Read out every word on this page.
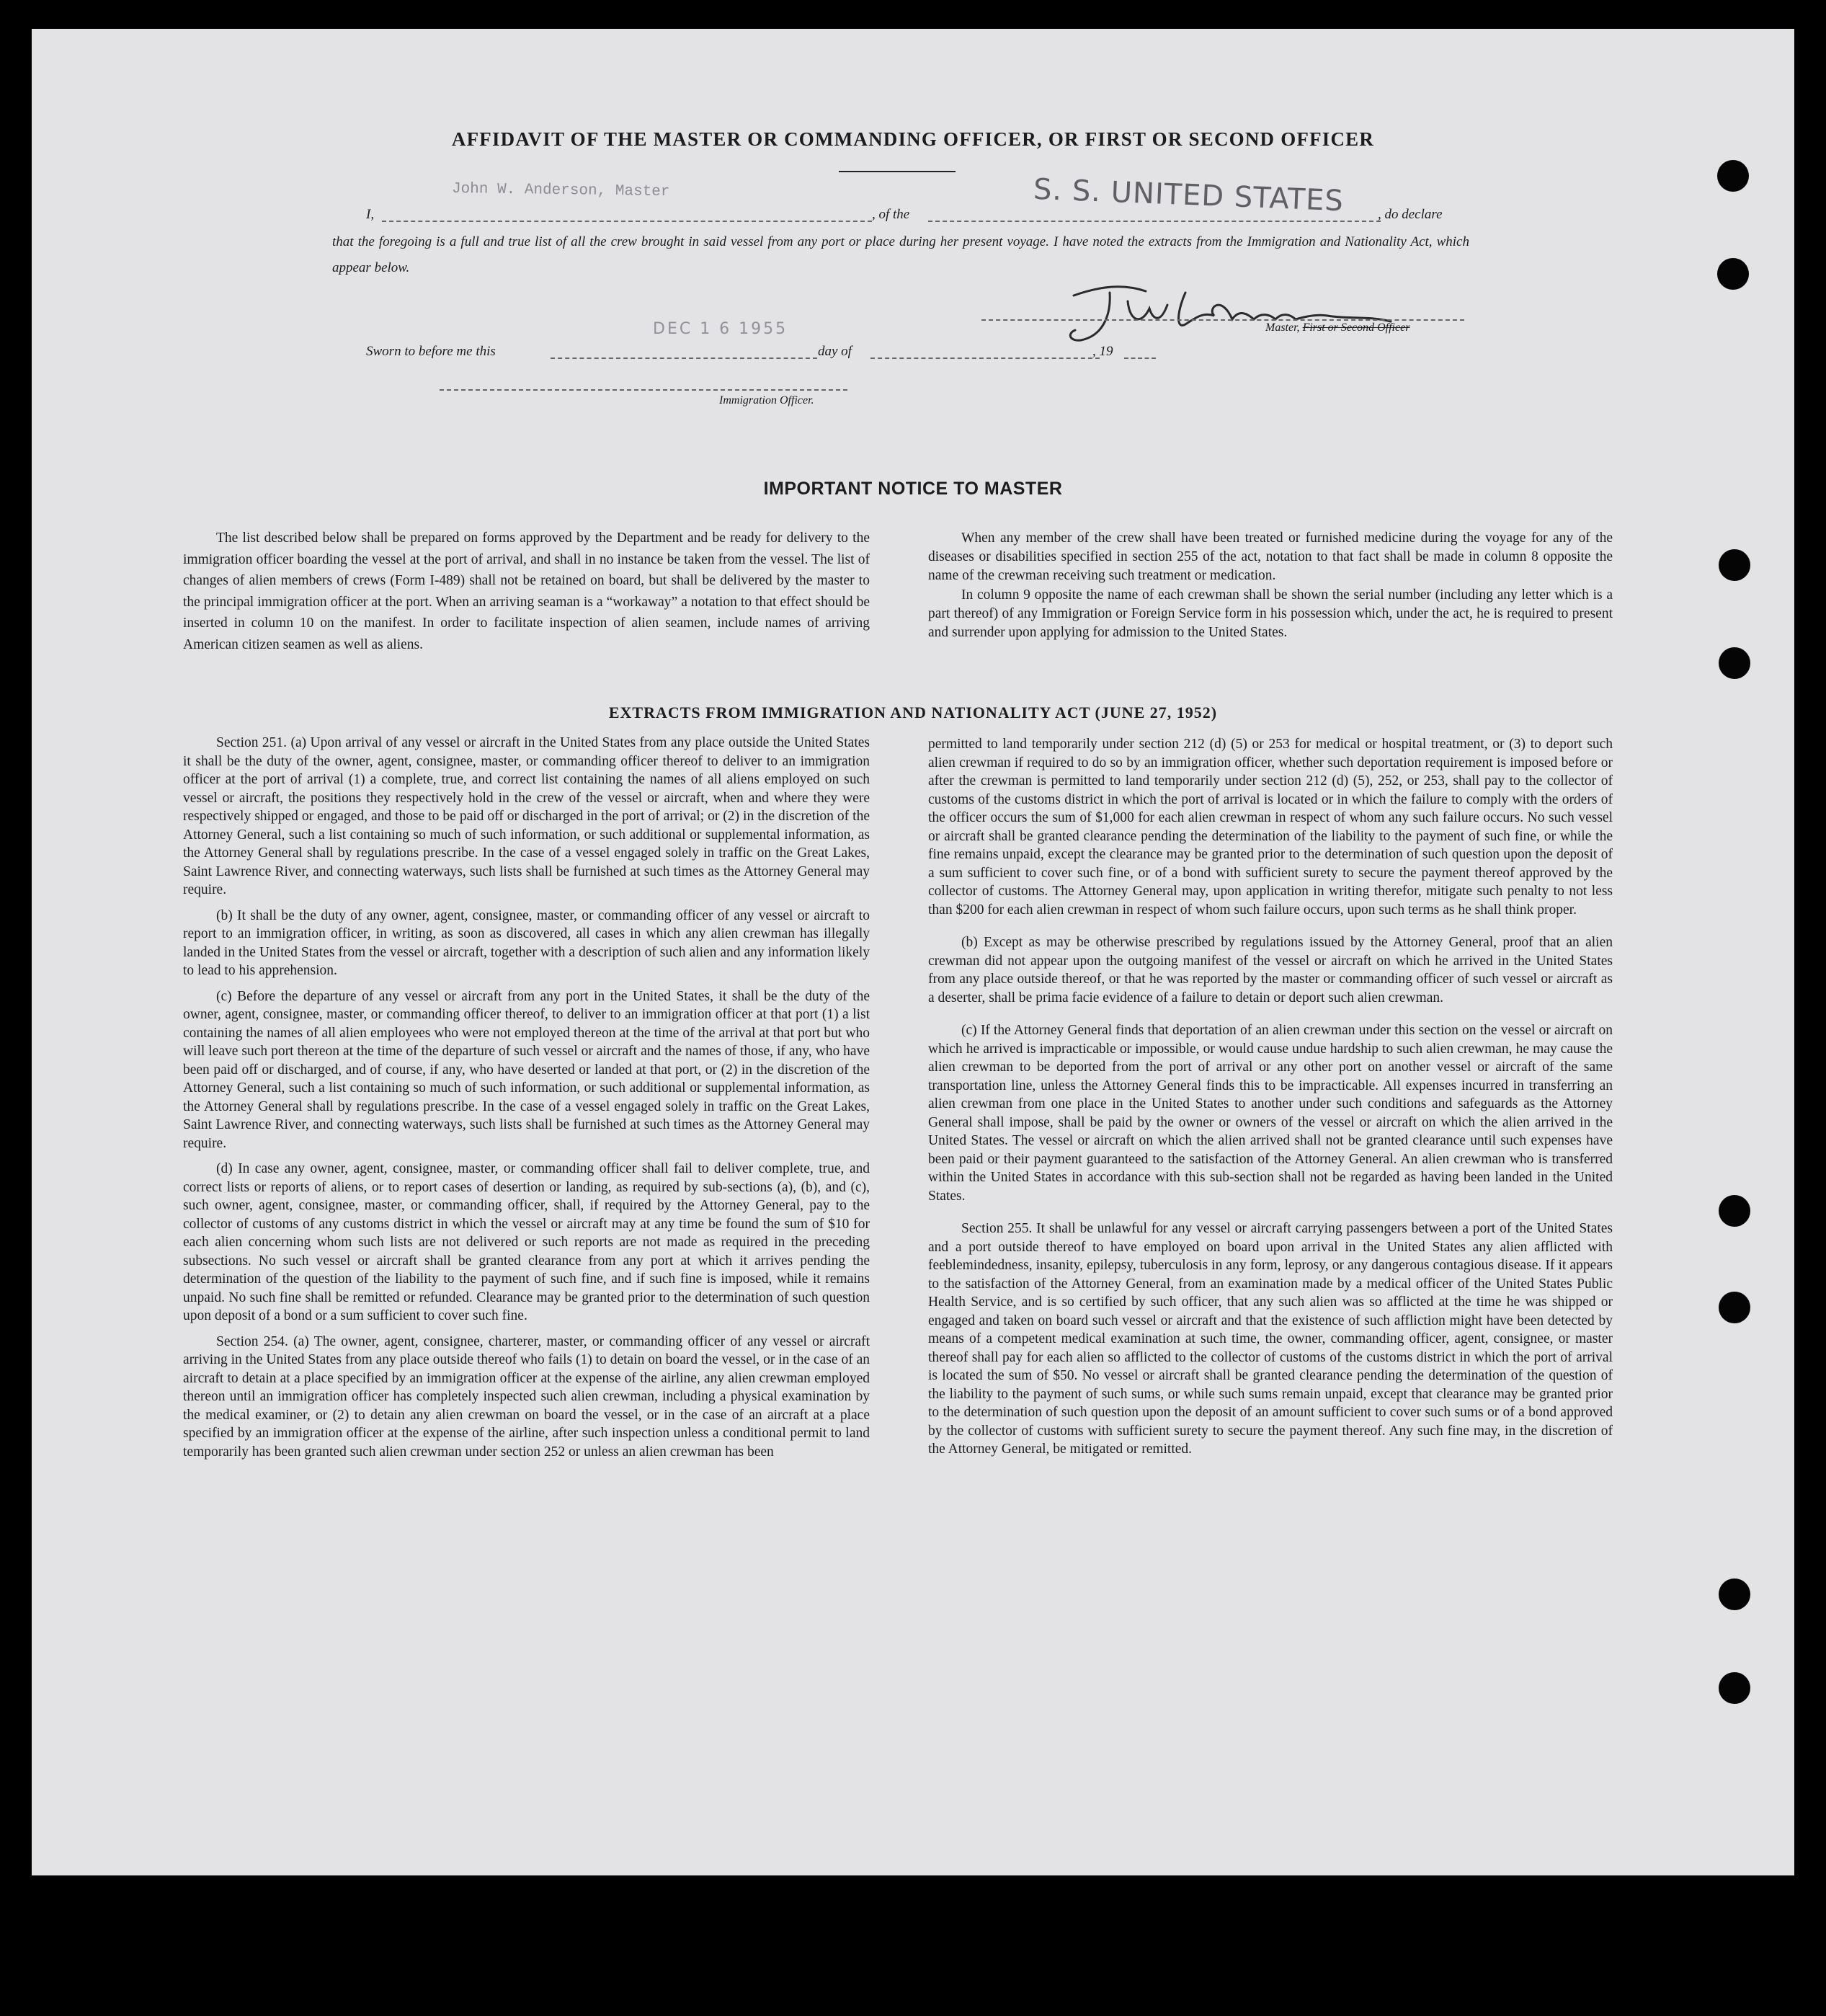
AFFIDAVIT OF THE MASTER OR COMMANDING OFFICER, OR FIRST OR SECOND OFFICER
I,
John W. Anderson, Master
, of the	S. S. UNITED STATES , do declare
that the foregoing is a full and true list of all the crew brought in said vessel from any port or place during her present voyage. I have noted the extracts from the Immigration and Nationality Act, which appear below.
Master, First or Second Officer
Sworn to before me this
DEC 1 6 1955
day of	, 19
Immigration Officer.
IMPORTANT NOTICE TO MASTER

The list described below shall be prepared on forms approved by the Department and be ready for delivery to the immigration officer boarding the vessel at the port of arrival, and shall in no instance be taken from the vessel. The list of changes of alien members of crews (Form I-489) shall not be retained on board, but shall be delivered by the master to the principal immigration officer at the port. When an arriving seaman is a “workaway” a notation to that effect should be inserted in column 10 on the manifest. In order to facilitate inspection of alien seamen, include names of arriving American citizen seamen as well as aliens.

When any member of the crew shall have been treated or furnished medicine during the voyage for any of the diseases or disabilities specified in section 255 of the act, notation to that fact shall be made in column 8 opposite the name of the crewman receiving such treatment or medication.

In column 9 opposite the name of each crewman shall be shown the serial number (including any letter which is a part thereof) of any Immigration or Foreign Service form in his possession which, under the act, he is required to present and surrender upon applying for admission to the United States.

EXTRACTS FROM IMMIGRATION AND NATIONALITY ACT (JUNE 27, 1952)

Section 251. (a) Upon arrival of any vessel or aircraft in the United States from any place outside the United States it shall be the duty of the owner, agent, consignee, master, or commanding officer thereof to deliver to an immigration officer at the port of arrival (1) a complete, true, and correct list containing the names of all aliens employed on such vessel or aircraft, the positions they respectively hold in the crew of the vessel or aircraft, when and where they were respectively shipped or engaged, and those to be paid off or discharged in the port of arrival; or (2) in the discretion of the Attorney General, such a list containing so much of such information, or such additional or supplemental information, as the Attorney General shall by regulations prescribe. In the case of a vessel engaged solely in traffic on the Great Lakes, Saint Lawrence River, and connecting waterways, such lists shall be furnished at such times as the Attorney General may require.

(b) It shall be the duty of any owner, agent, consignee, master, or commanding officer of any vessel or aircraft to report to an immigration officer, in writing, as soon as discovered, all cases in which any alien crewman has illegally landed in the United States from the vessel or aircraft, together with a description of such alien and any information likely to lead to his apprehension.

(c) Before the departure of any vessel or aircraft from any port in the United States, it shall be the duty of the owner, agent, consignee, master, or commanding officer thereof, to deliver to an immigration officer at that port (1) a list containing the names of all alien employees who were not employed thereon at the time of the arrival at that port but who will leave such port thereon at the time of the departure of such vessel or aircraft and the names of those, if any, who have been paid off or discharged, and of course, if any, who have deserted or landed at that port, or (2) in the discretion of the Attorney General, such a list containing so much of such information, or such additional or supplemental information, as the Attorney General shall by regulations prescribe. In the case of a vessel engaged solely in traffic on the Great Lakes, Saint Lawrence River, and connecting waterways, such lists shall be furnished at such times as the Attorney General may require.

(d) In case any owner, agent, consignee, master, or commanding officer shall fail to deliver complete, true, and correct lists or reports of aliens, or to report cases of desertion or landing, as required by sub-sections (a), (b), and (c), such owner, agent, consignee, master, or commanding officer, shall, if required by the Attorney General, pay to the collector of customs of any customs district in which the vessel or aircraft may at any time be found the sum of $10 for each alien concerning whom such lists are not delivered or such reports are not made as required in the preceding subsections. No such vessel or aircraft shall be granted clearance from any port at which it arrives pending the determination of the question of the liability to the payment of such fine, and if such fine is imposed, while it remains unpaid. No such fine shall be remitted or refunded. Clearance may be granted prior to the determination of such question upon deposit of a bond or a sum sufficient to cover such fine.

Section 254. (a) The owner, agent, consignee, charterer, master, or commanding officer of any vessel or aircraft arriving in the United States from any place outside thereof who fails (1) to detain on board the vessel, or in the case of an aircraft to detain at a place specified by an immigration officer at the expense of the airline, any alien crewman employed thereon until an immigration officer has completely inspected such alien crewman, including a physical examination by the medical examiner, or (2) to detain any alien crewman on board the vessel, or in the case of an aircraft at a place specified by an immigration officer at the expense of the airline, after such inspection unless a conditional permit to land temporarily has been granted such alien crewman under section 252 or unless an alien crewman has been

permitted to land temporarily under section 212 (d) (5) or 253 for medical or hospital treatment, or (3) to deport such alien crewman if required to do so by an immigration officer, whether such deportation requirement is imposed before or after the crewman is permitted to land temporarily under section 212 (d) (5), 252, or 253, shall pay to the collector of customs of the customs district in which the port of arrival is located or in which the failure to comply with the orders of the officer occurs the sum of $1,000 for each alien crewman in respect of whom any such failure occurs. No such vessel or aircraft shall be granted clearance pending the determination of the liability to the payment of such fine, or while the fine remains unpaid, except the clearance may be granted prior to the determination of such question upon the deposit of a sum sufficient to cover such fine, or of a bond with sufficient surety to secure the payment thereof approved by the collector of customs. The Attorney General may, upon application in writing therefor, mitigate such penalty to not less than $200 for each alien crewman in respect of whom such failure occurs, upon such terms as he shall think proper.

(b) Except as may be otherwise prescribed by regulations issued by the Attorney General, proof that an alien crewman did not appear upon the outgoing manifest of the vessel or aircraft on which he arrived in the United States from any place outside thereof, or that he was reported by the master or commanding officer of such vessel or aircraft as a deserter, shall be prima facie evidence of a failure to detain or deport such alien crewman.

(c) If the Attorney General finds that deportation of an alien crewman under this section on the vessel or aircraft on which he arrived is impracticable or impossible, or would cause undue hardship to such alien crewman, he may cause the alien crewman to be deported from the port of arrival or any other port on another vessel or aircraft of the same transportation line, unless the Attorney General finds this to be impracticable. All expenses incurred in transferring an alien crewman from one place in the United States to another under such conditions and safeguards as the Attorney General shall impose, shall be paid by the owner or owners of the vessel or aircraft on which the alien arrived in the United States. The vessel or aircraft on which the alien arrived shall not be granted clearance until such expenses have been paid or their payment guaranteed to the satisfaction of the Attorney General. An alien crewman who is transferred within the United States in accordance with this sub-section shall not be regarded as having been landed in the United States.

Section 255. It shall be unlawful for any vessel or aircraft carrying passengers between a port of the United States and a port outside thereof to have employed on board upon arrival in the United States any alien afflicted with feeblemindedness, insanity, epilepsy, tuberculosis in any form, leprosy, or any dangerous contagious disease. If it appears to the satisfaction of the Attorney General, from an examination made by a medical officer of the United States Public Health Service, and is so certified by such officer, that any such alien was so afflicted at the time he was shipped or engaged and taken on board such vessel or aircraft and that the existence of such affliction might have been detected by means of a competent medical examination at such time, the owner, commanding officer, agent, consignee, or master thereof shall pay for each alien so afflicted to the collector of customs of the customs district in which the port of arrival is located the sum of $50. No vessel or aircraft shall be granted clearance pending the determination of the question of the liability to the payment of such sums, or while such sums remain unpaid, except that clearance may be granted prior to the determination of such question upon the deposit of an amount sufficient to cover such sums or of a bond approved by the collector of customs with sufficient surety to secure the payment thereof. Any such fine may, in the discretion of the Attorney General, be mitigated or remitted.
